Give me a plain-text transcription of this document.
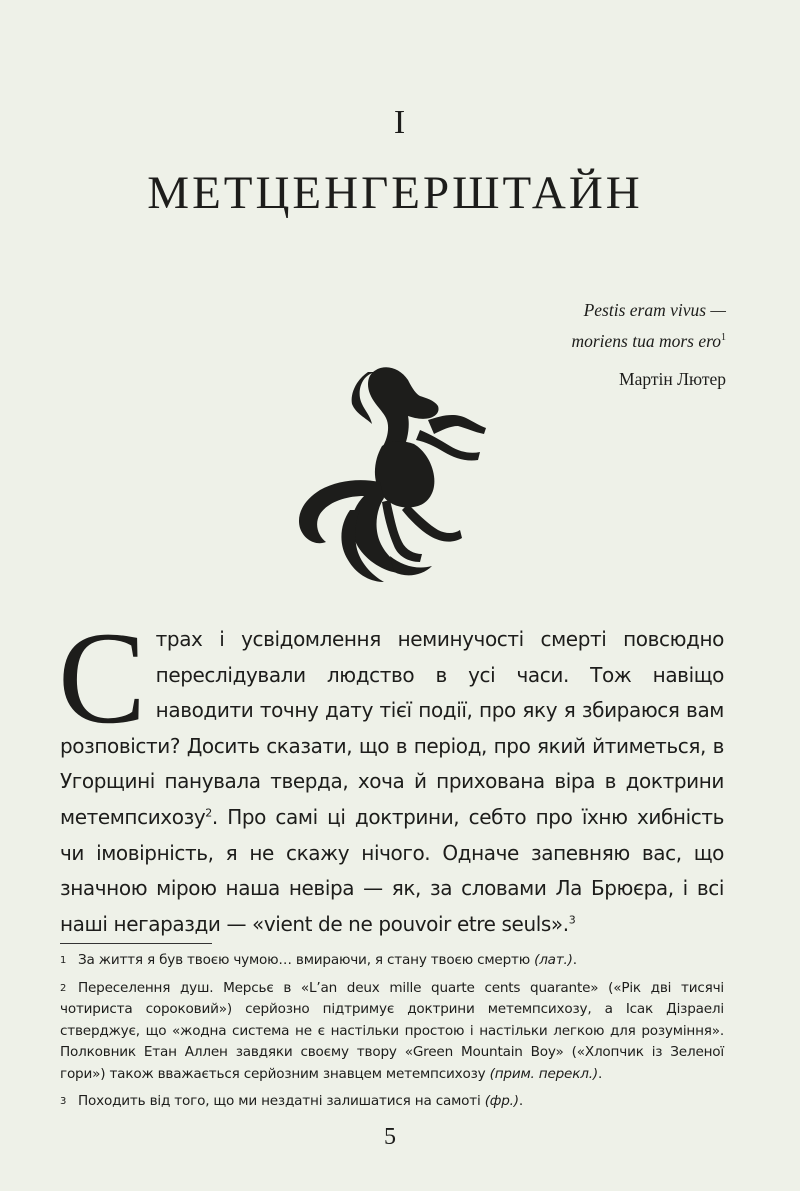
I
МЕТЦЕНГЕРШТАЙН
Pestis eram vivus —
moriens tua mors ero$^1$
Мартін Лютер
Страх і усвідомлення неминучості смерті повсюдно переслідували людство в усі часи. Тож навіщо наводити точну дату тієї події, про яку я збираюся вам розповісти? Досить сказати, що в період, про який йтиметься, в Угорщині панувала тверда, хоча й прихована віра в доктрини метемпсихозу$^2$. Про самі ці доктрини, себто про їхню хибність чи імовірність, я не скажу нічого. Одначе запевняю вас, що значною мірою наша невіра — як, за словами Ла Брюєра, і всі наші негаразди — «vient de ne pouvoir etre seuls».$^3$
1 За життя я був твоєю чумою… вмираючи, я стану твоєю смертю (лат.).
2 Переселення душ. Мерсьє в «L’an deux mille quarte cents quarante» («Рік дві тисячі чотириста сороковий») серйозно підтримує доктрини метемпсихозу, а Ісак Дізраелі стверджує, що «жодна система не є настільки простою і настільки легкою для розуміння». Полковник Етан Аллен завдяки своєму твору «Green Mountain Boy» («Хлопчик із Зеленої гори») також вважається серйозним знавцем метемпсихозу (прим. перекл.).
3 Походить від того, що ми нездатні залишатися на самоті (фр.).
5
